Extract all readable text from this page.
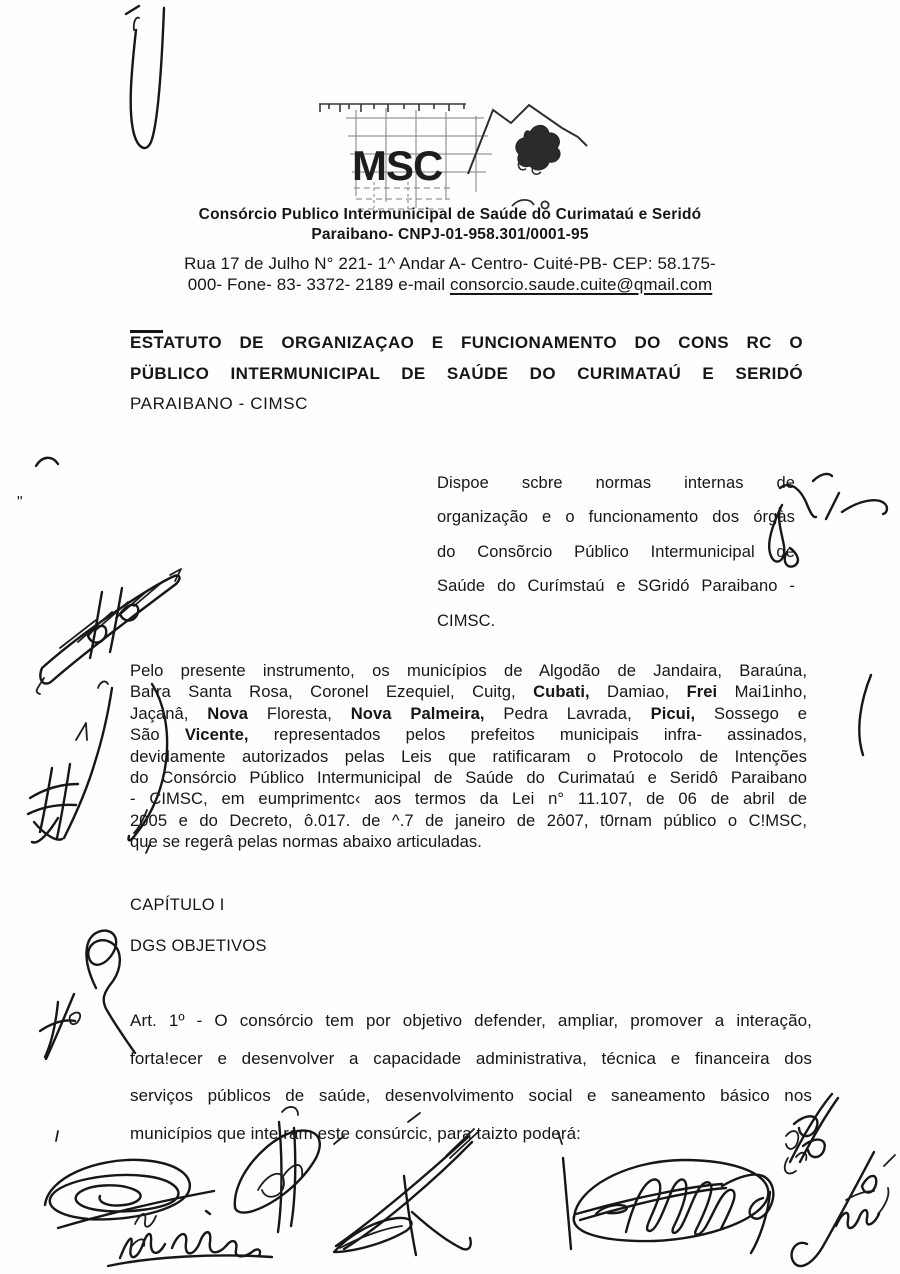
MSC
Consórcio Publico Intermunicipal de Saúde do Curimataú e Seridó
Paraibano- CNPJ-01-958.301/0001-95
Rua 17 de Julho N° 221- 1^ Andar A- Centro- Cuité-PB- CEP: 58.175-
000- Fone- 83- 3372- 2189 e-mail consorcio.saude.cuite@qmail.com
$\overline{EST}ATUTO$ DE ORGANIZAÇAO E FUNCIONAMENTO DO CONS RC O
PÜBLICO INTERMUNICIPAL DE SAÚDE DO CURIMATAÚ E SERIDÓ
PARAIBANO - CIMSC
"
Dispoe scbre normas internas de
organização e o funcionamento dos órgàs
do Consõrcio Público Intermunicipal de
Saúde do Curímstaú e SGridó Paraibano -
CIMSC.
Pelo presente instrumento, os municípios de Algodão de Jandaira, Baraúna,
Barra Santa Rosa, Coronel Ezequiel, Cuitg, Cubati, Damiao, Frei Mai1inho,
Jaçanâ, Nova Floresta, Nova Palmeira, Pedra Lavrada, Picui, Sossego e
São Vicente, representados pelos prefeitos municipais infra- assinados,
devidamente autorizados pelas Leis que ratificaram o Protocolo de Intenções
do Consórcio Público Intermunicipal de Saúde do Curimataú e Seridô Paraibano
- CIMSC, em eumprimentc‹ aos termos da Lei n° 11.107, de 06 de abril de
2005 e do Decreto, ô.017. de ^.7 de janeiro de 2ô07, t0rnam público o C!MSC,
que se regerâ pelas normas abaixo articuladas.
CAPÍTULO I
DGS OBJETIVOS
Art. 1º - O consórcio tem por objetivo defender, ampliar, promover a interação,
forta!ecer e desenvolver a capacidade administrativa, técnica e financeira dos
serviços públicos de saúde, desenvolvimento social e saneamento básico nos
municípios que inte ram este consúrcic, para taizto poderá:
